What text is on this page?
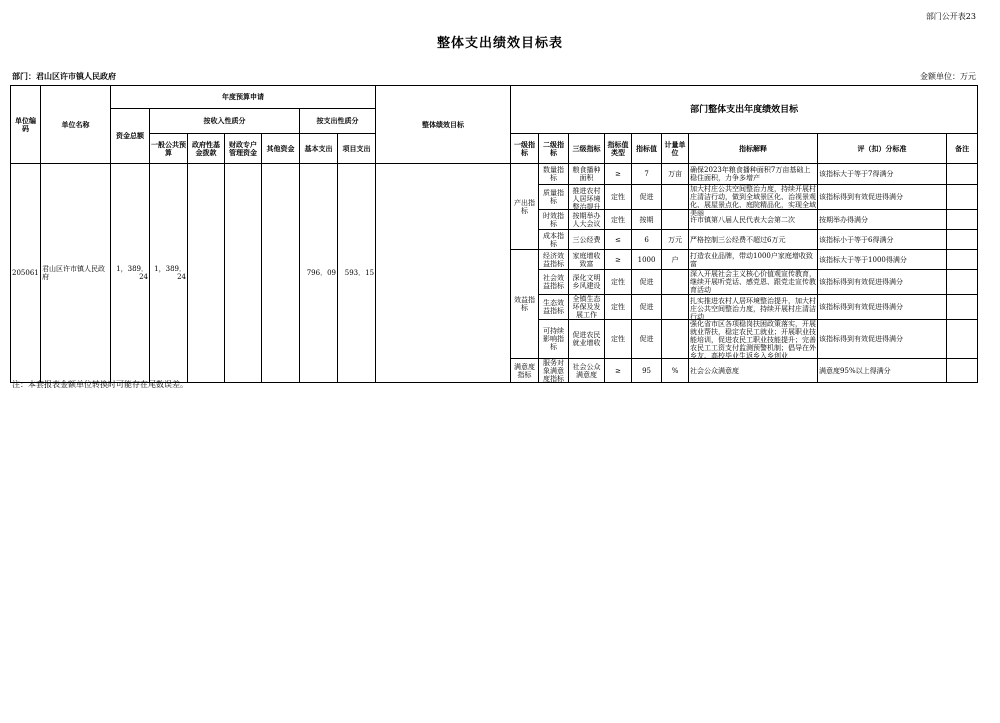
部门公开表23
整体支出绩效目标表
部门：君山区许市镇人民政府	金额单位：万元
单位编码	单位名称	年度预算申请							整体绩效目标	部门整体支出年度绩效目标								
		资金总额	按收入性质分				按支出性质分											
			一般公共预算	政府性基金拨款	财政专户管理资金	其他资金	基本支出	项目支出		一级指标	二级指标	三级指标	指标值类型	指标值	计量单位	指标解释	评（扣）分标准	备注
205061	君山区许市镇人民政府	1，389．24	1，389．24				796．09	593．15		产出指标	数量指标	粮食播种面积	≥	7	万亩	确保2023年粮食播种面积7万亩基础上稳住面积，力争多增产	该指标大于等于7得满分	
											质量指标	推进农村人居环境整治提升	定性	促进		加大村庄公共空间整治力度，持续开展村庄清洁行动，做到全域景区化、治视景观化、展屋景点化、庭院精品化，实现全域美丽	该指标得到有效促进得满分	
											时效指标	按期举办人大会议	定性	按期		许市镇第八届人民代表大会第二次	按期举办得满分	
											成本指标	三公经费	≤	6	万元	严格控制三公经费不超过6万元	该指标小于等于6得满分	
										效益指标	经济效益指标	家庭增收致富	≥	1000	户	打造农业品牌，带动1000户家庭增收致富	该指标大于等于1000得满分	
											社会效益指标	深化文明乡风建设	定性	促进		深入开展社会主义核心价值观宣传教育，继续开展听党话、感党恩、跟党走宣传教育活动	该指标得到有效促进得满分	
											生态效益指标	全镇生态环保及发展工作	定性	促进		扎实推进农村人居环境整治提升，加大村庄公共空间整治力度，持续开展村庄清洁行动	该指标得到有效促进得满分	
											可持续影响指标	促进农民就业增收	定性	促进		强化省市区各项稳岗扶困政策落实，开展就业帮扶，稳定农民工就业；开展职业技能培训，促进农民工职业技能提升；完善农民工工资支付监测预警机制；倡导在外乡友、高校毕业生返乡入乡创业	该指标得到有效促进得满分	
										满意度指标	服务对象满意度指标	社会公众满意度	≥	95	%	社会公众满意度	满意度95%以上得满分	
注：本套报表金额单位转换时可能存在尾数误差。
